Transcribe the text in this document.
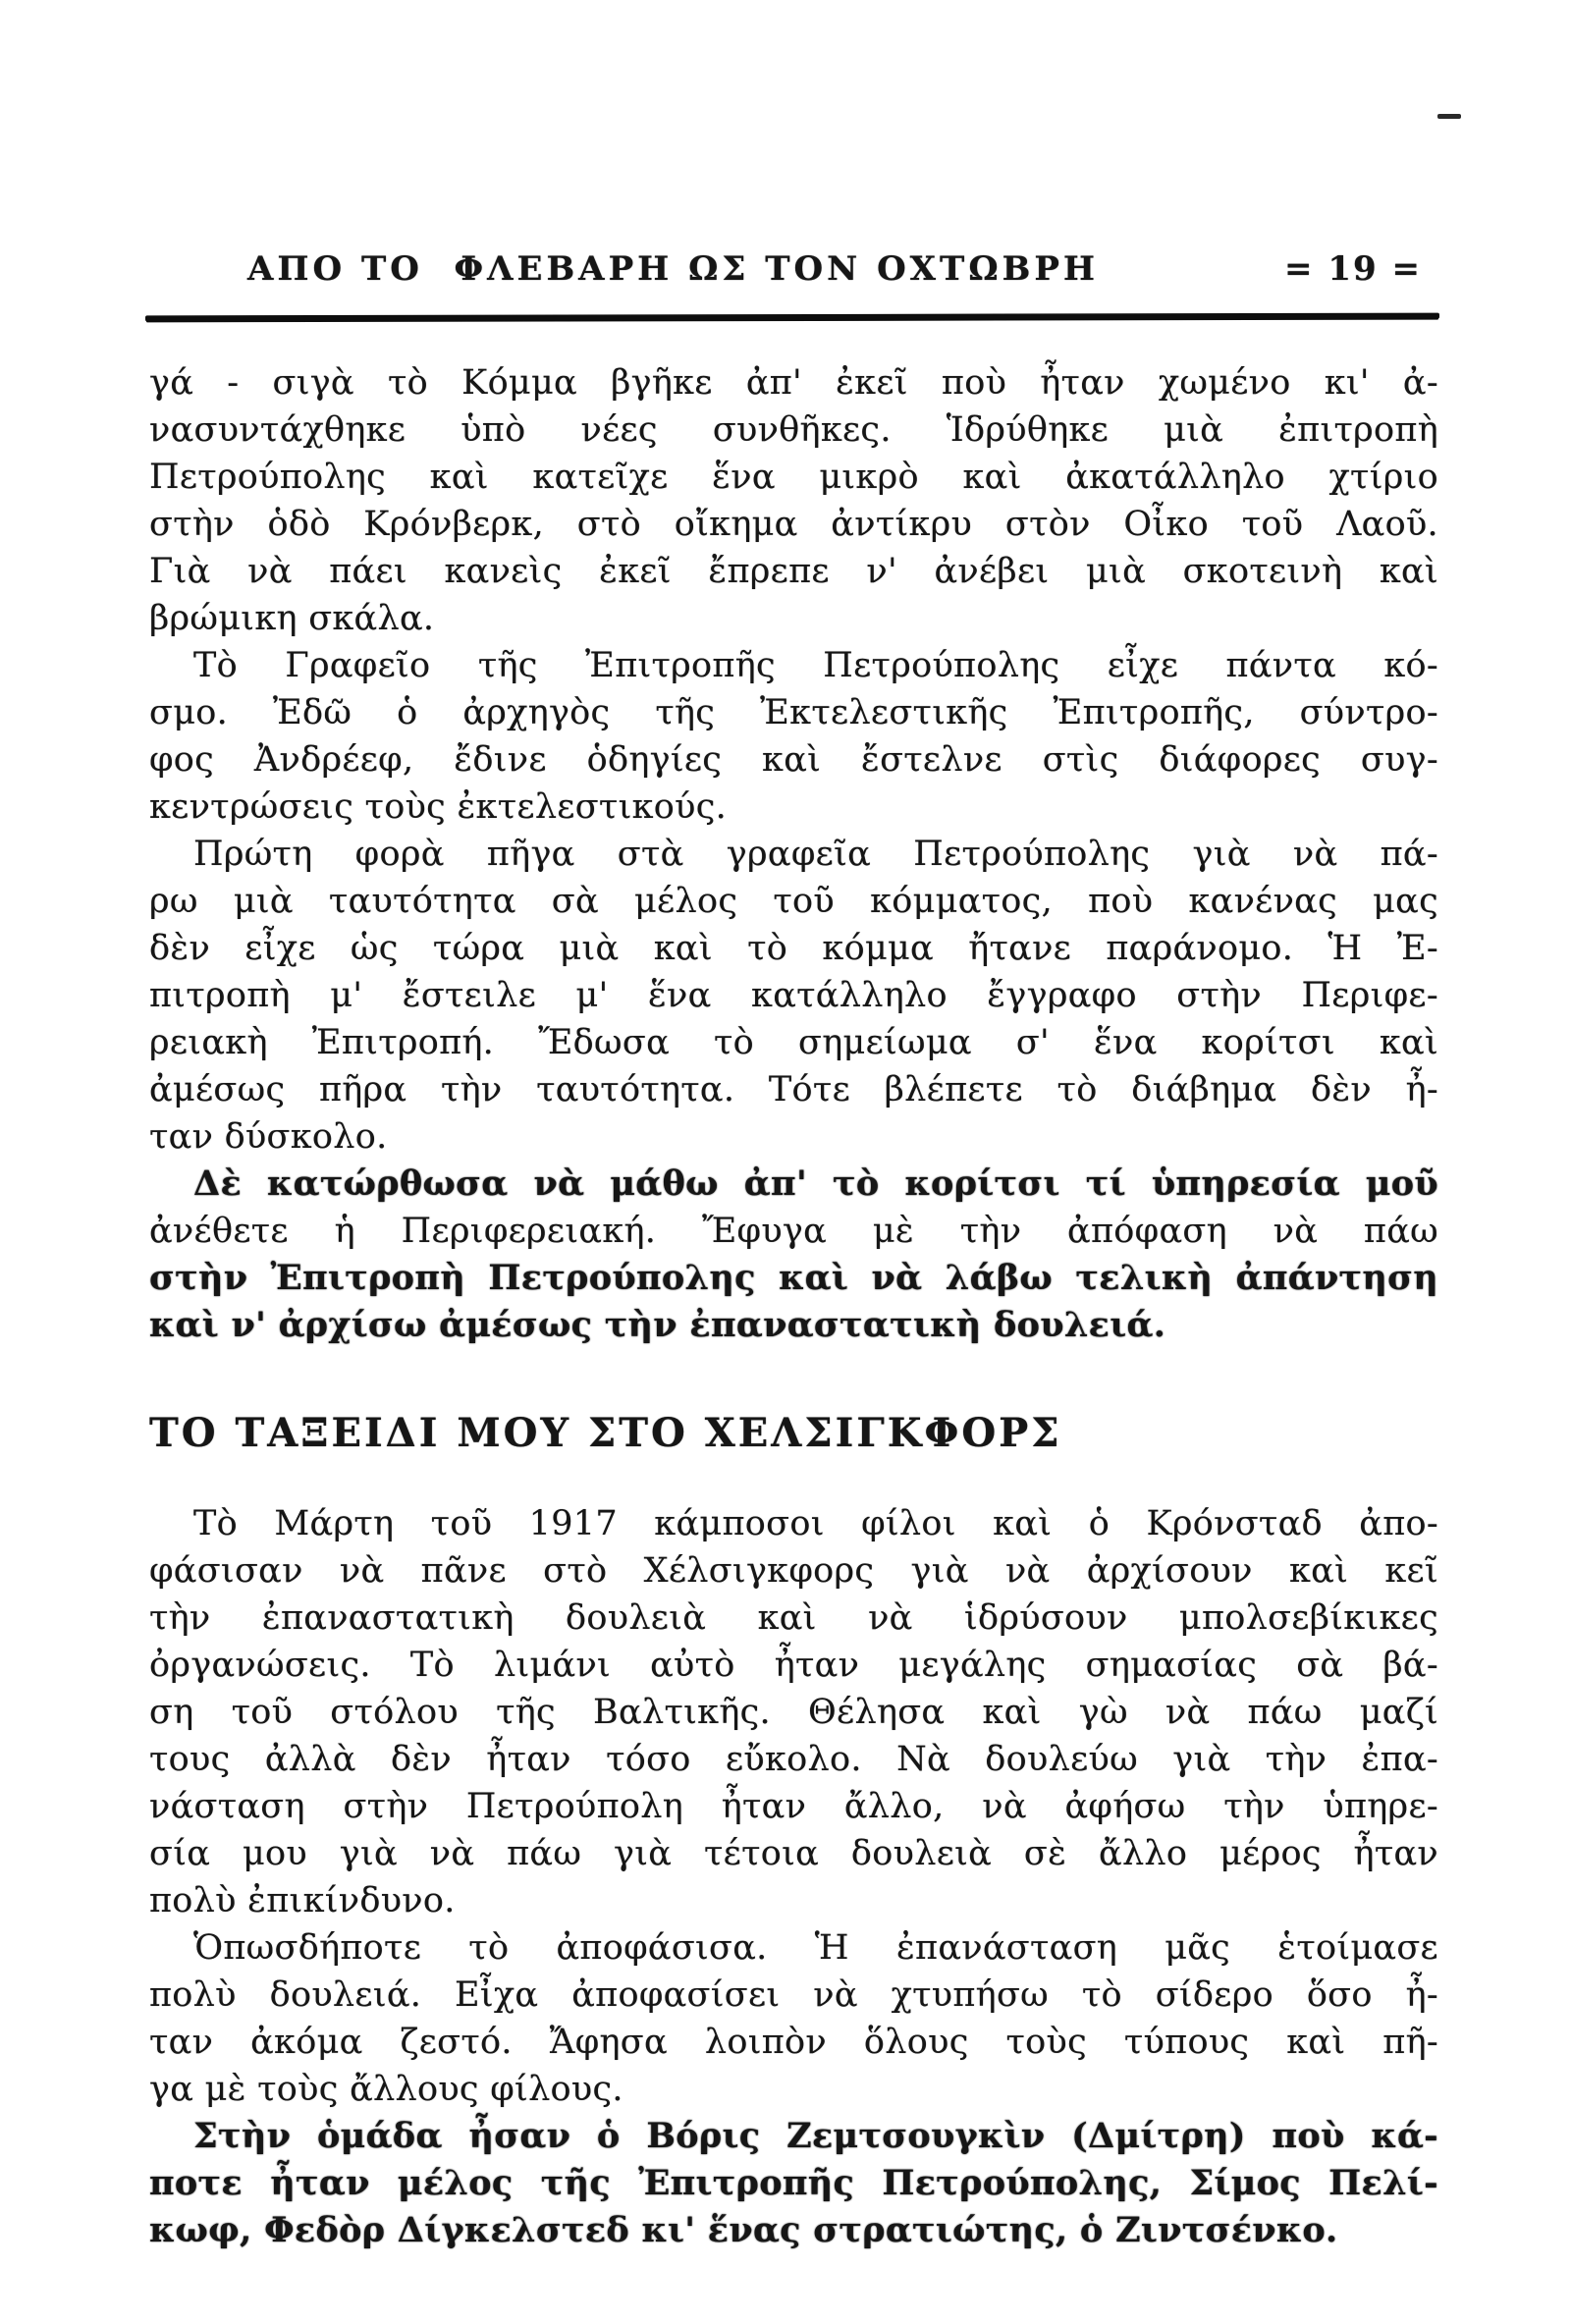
ΑΠΟ ΤΟ  ΦΛΕΒΑΡΗ ΩΣ ΤΟΝ ΟΧΤΩΒΡΗ	= 19 =
γά - σιγὰ τὸ Κόμμα βγῆκε ἀπ' ἐκεῖ ποὺ ἦταν χωμένο κι' ἀ-
νασυντάχθηκε ὑπὸ νέες συνθῆκες. Ἱδρύθηκε μιὰ ἐπιτροπὴ
Πετρούπολης καὶ κατεῖχε ἕνα μικρὸ καὶ ἀκατάλληλο χτίριο
στὴν ὁδὸ Κρόνβερκ, στὸ οἴκημα ἀντίκρυ στὸν Οἶκο τοῦ Λαοῦ.
Γιὰ νὰ πάει κανεὶς ἐκεῖ ἔπρεπε ν' ἀνέβει μιὰ σκοτεινὴ καὶ
βρώμικη σκάλα.
Τὸ Γραφεῖο τῆς Ἐπιτροπῆς Πετρούπολης εἶχε πάντα κό-
σμο. Ἐδῶ ὁ ἀρχηγὸς τῆς Ἐκτελεστικῆς Ἐπιτροπῆς, σύντρο-
φος Ἀνδρέεφ, ἔδινε ὁδηγίες καὶ ἔστελνε στὶς διάφορες συγ-
κεντρώσεις τοὺς ἐκτελεστικούς.
Πρώτη φορὰ πῆγα στὰ γραφεῖα Πετρούπολης γιὰ νὰ πά-
ρω μιὰ ταυτότητα σὰ μέλος τοῦ κόμματος, ποὺ κανένας μας
δὲν εἶχε ὡς τώρα μιὰ καὶ τὸ κόμμα ἤτανε παράνομο. Ἡ Ἐ-
πιτροπὴ μ' ἔστειλε μ' ἕνα κατάλληλο ἔγγραφο στὴν Περιφε-
ρειακὴ Ἐπιτροπή. Ἔδωσα τὸ σημείωμα σ' ἕνα κορίτσι καὶ
ἀμέσως πῆρα τὴν ταυτότητα. Τότε βλέπετε τὸ διάβημα δὲν ἦ-
ταν δύσκολο.
Δὲ κατώρθωσα νὰ μάθω ἀπ' τὸ κορίτσι τί ὑπηρεσία μοῦ
ἀνέθετε ἡ Περιφερειακή. Ἔφυγα μὲ τὴν ἀπόφαση νὰ πάω
στὴν Ἐπιτροπὴ Πετρούπολης καὶ νὰ λάβω τελικὴ ἀπάντηση
καὶ ν' ἀρχίσω ἀμέσως τὴν ἐπαναστατικὴ δουλειά.
ΤΟ ΤΑΞΕΙΔΙ ΜΟΥ ΣΤΟ ΧΕΛΣΙΓΚΦΟΡΣ
Τὸ Μάρτη τοῦ 1917 κάμποσοι φίλοι καὶ ὁ Κρόνσταδ ἀπο-
φάσισαν νὰ πᾶνε στὸ Χέλσιγκφορς γιὰ νὰ ἀρχίσουν καὶ κεῖ
τὴν ἐπαναστατικὴ δουλειὰ καὶ νὰ ἱδρύσουν μπολσεβίκικες
ὀργανώσεις. Τὸ λιμάνι αὐτὸ ἦταν μεγάλης σημασίας σὰ βά-
ση τοῦ στόλου τῆς Βαλτικῆς. Θέλησα καὶ γὼ νὰ πάω μαζί
τους ἀλλὰ δὲν ἦταν τόσο εὔκολο. Νὰ δουλεύω γιὰ τὴν ἐπα-
νάσταση στὴν Πετρούπολη ἦταν ἄλλο, νὰ ἀφήσω τὴν ὑπηρε-
σία μου γιὰ νὰ πάω γιὰ τέτοια δουλειὰ σὲ ἄλλο μέρος ἦταν
πολὺ ἐπικίνδυνο.
Ὁπωσδήποτε τὸ ἀποφάσισα. Ἡ ἐπανάσταση μᾶς ἑτοίμασε
πολὺ δουλειά. Εἶχα ἀποφασίσει νὰ χτυπήσω τὸ σίδερο ὅσο ἦ-
ταν ἀκόμα ζεστό. Ἄφησα λοιπὸν ὅλους τοὺς τύπους καὶ πῆ-
γα μὲ τοὺς ἄλλους φίλους.
Στὴν ὁμάδα ἦσαν ὁ Βόρις Ζεμτσουγκὶν (Δμίτρη) ποὺ κά-
ποτε ἦταν μέλος τῆς Ἐπιτροπῆς Πετρούπολης, Σίμος Πελί-
κωφ, Φεδὸρ Δίγκελστεδ κι' ἕνας στρατιώτης, ὁ Ζιντσένκο.
